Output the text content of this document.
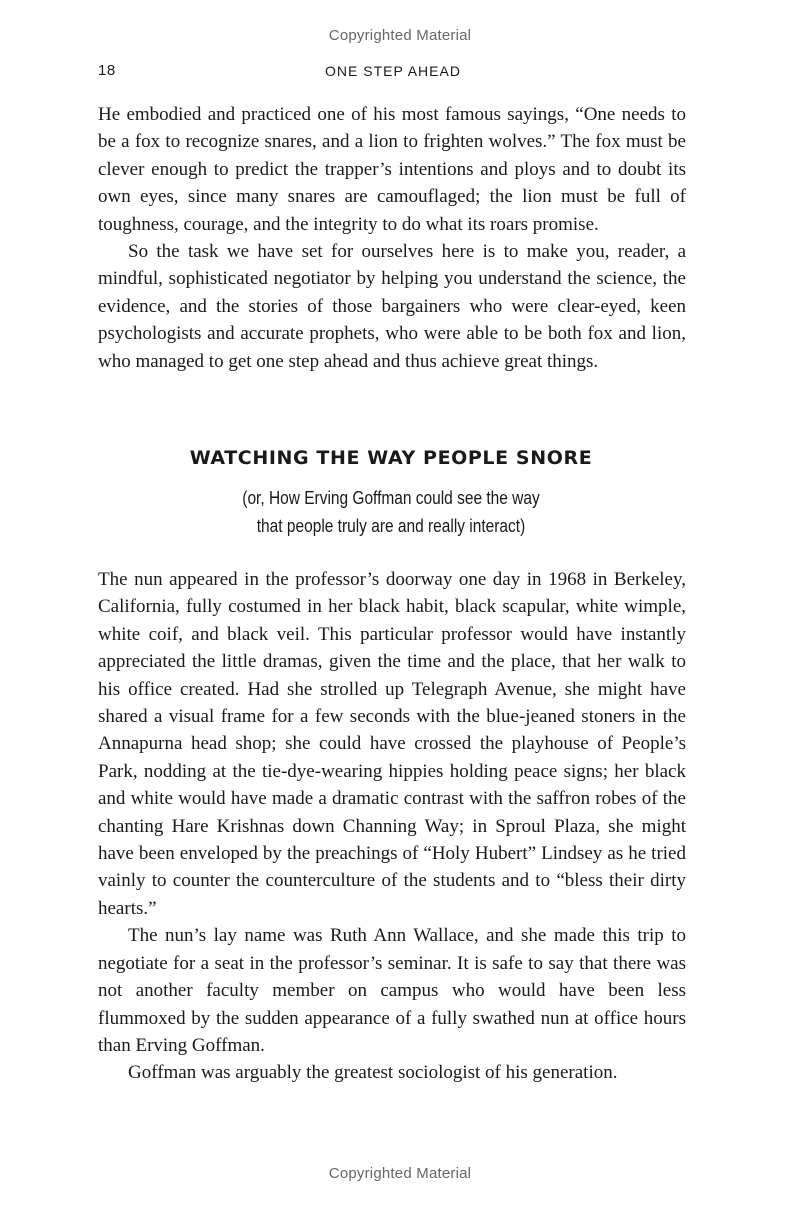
Copyrighted Material
18	ONE STEP AHEAD

He embodied and practiced one of his most famous sayings, “One needs to be a fox to recognize snares, and a lion to frighten wolves.” The fox must be clever enough to predict the trapper’s intentions and ploys and to doubt its own eyes, since many snares are camouflaged; the lion must be full of toughness, courage, and the integrity to do what its roars promise.

So the task we have set for ourselves here is to make you, reader, a mindful, sophisticated negotiator by helping you understand the science, the evidence, and the stories of those bargainers who were clear-eyed, keen psychologists and accurate prophets, who were able to be both fox and lion, who managed to get one step ahead and thus achieve great things.

WATCHING THE WAY PEOPLE SNORE
(or, How Erving Goffman could see the way
that people truly are and really interact)

The nun appeared in the professor’s doorway one day in 1968 in Berkeley, California, fully costumed in her black habit, black scapular, white wimple, white coif, and black veil. This particular professor would have instantly appreciated the little dramas, given the time and the place, that her walk to his office created. Had she strolled up Telegraph Avenue, she might have shared a visual frame for a few seconds with the blue-jeaned stoners in the Annapurna head shop; she could have crossed the playhouse of People’s Park, nodding at the tie-dye-wearing hippies holding peace signs; her black and white would have made a dramatic contrast with the saffron robes of the chanting Hare Krishnas down Channing Way; in Sproul Plaza, she might have been enveloped by the preachings of “Holy Hubert” Lindsey as he tried vainly to counter the counterculture of the students and to “bless their dirty hearts.”

The nun’s lay name was Ruth Ann Wallace, and she made this trip to negotiate for a seat in the professor’s seminar. It is safe to say that there was not another faculty member on campus who would have been less flummoxed by the sudden appearance of a fully swathed nun at office hours than Erving Goffman.

Goffman was arguably the greatest sociologist of his generation.

Copyrighted Material
